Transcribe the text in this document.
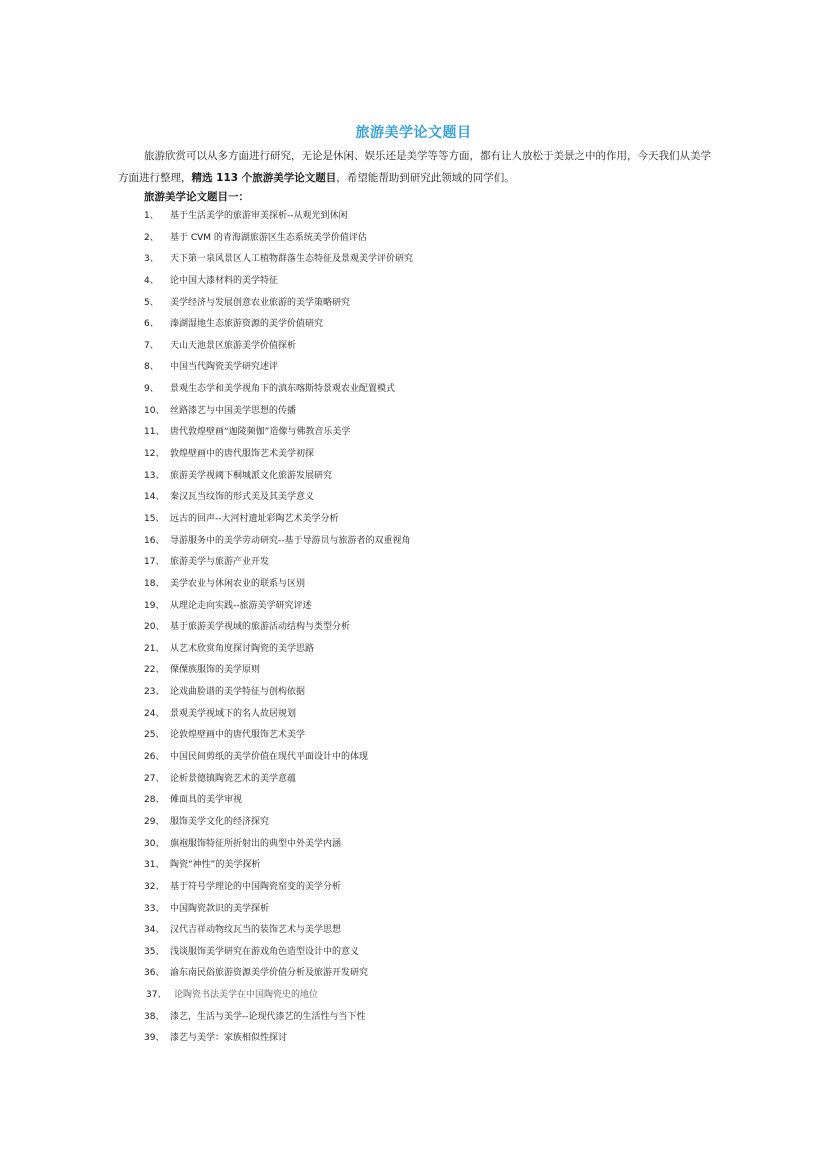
旅游美学论文题目
旅游欣赏可以从多方面进行研究，无论是休闲、娱乐还是美学等等方面，都有让人放松于美景之中的作用，今天我们从美学方面进行整理，精选 113 个旅游美学论文题目，希望能帮助到研究此领域的同学们。
旅游美学论文题目一：
1、 基于生活美学的旅游审美探析--从观光到休闲
2、 基于 CVM 的青海湖旅游区生态系统美学价值评估
3、 天下第一泉风景区人工植物群落生态特征及景观美学评价研究
4、 论中国大漆材料的美学特征
5、 美学经济与发展创意农业旅游的美学策略研究
6、 溱湖湿地生态旅游资源的美学价值研究
7、 天山天池景区旅游美学价值探析
8、 中国当代陶瓷美学研究述评
9、 景观生态学和美学视角下的滇东喀斯特景观农业配置模式
10、 丝路漆艺与中国美学思想的传播
11、 唐代敦煌壁画“迦陵频伽”造像与佛教音乐美学
12、 敦煌壁画中的唐代服饰艺术美学初探
13、 旅游美学视阈下桐城派文化旅游发展研究
14、 秦汉瓦当纹饰的形式美及其美学意义
15、 远古的回声--大河村遗址彩陶艺术美学分析
16、 导游服务中的美学劳动研究--基于导游员与旅游者的双重视角
17、 旅游美学与旅游产业开发
18、 美学农业与休闲农业的联系与区别
19、 从理论走向实践--旅游美学研究评述
20、 基于旅游美学视域的旅游活动结构与类型分析
21、 从艺术欣赏角度探讨陶瓷的美学思路
22、 傈僳族服饰的美学原则
23、 论戏曲脸谱的美学特征与创构依据
24、 景观美学视域下的名人故居规划
25、 论敦煌壁画中的唐代服饰艺术美学
26、 中国民间剪纸的美学价值在现代平面设计中的体现
27、 论析景德镇陶瓷艺术的美学意蕴
28、 傩面具的美学审视
29、 服饰美学文化的经济探究
30、 旗袍服饰特征所折射出的典型中外美学内涵
31、 陶瓷“神性”的美学探析
32、 基于符号学理论的中国陶瓷窑变的美学分析
33、 中国陶瓷款识的美学探析
34、 汉代吉祥动物纹瓦当的装饰艺术与美学思想
35、 浅谈服饰美学研究在游戏角色造型设计中的意义
36、 渝东南民俗旅游资源美学价值分析及旅游开发研究
37、 论陶瓷书法美学在中国陶瓷史的地位
38、 漆艺，生活与美学--论现代漆艺的生活性与当下性
39、 漆艺与美学：家族相似性探讨
